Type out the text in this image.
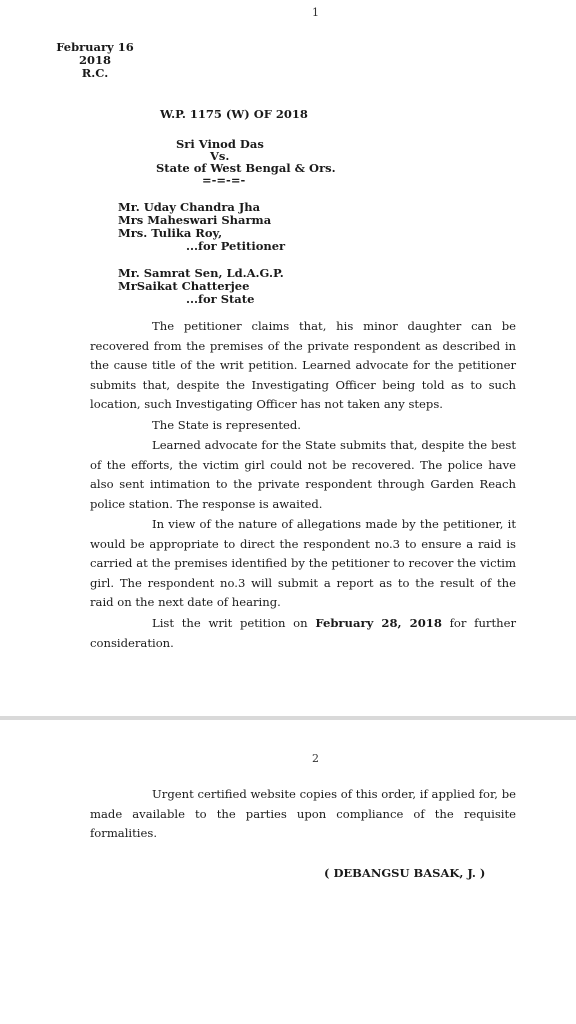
1
February 16
2018
R.C.
W.P. 1175 (W) OF 2018
Sri Vinod Das
Vs.
State of West Bengal & Ors.
=-=-=-
Mr. Uday Chandra Jha
Mrs Maheswari Sharma
Mrs. Tulika Roy,
...for Petitioner
Mr. Samrat Sen, Ld.A.G.P.
MrSaikat Chatterjee
...for State

The petitioner claims that, his minor daughter can be recovered from the premises of the private respondent as described in the cause title of the writ petition. Learned advocate for the petitioner submits that, despite the Investigating Officer being told as to such location, such Investigating Officer has not taken any steps.

The State is represented.

Learned advocate for the State submits that, despite the best of the efforts, the victim girl could not be recovered. The police have also sent intimation to the private respondent through Garden Reach police station. The response is awaited.

In view of the nature of allegations made by the petitioner, it would be appropriate to direct the respondent no.3 to ensure a raid is carried at the premises identified by the petitioner to recover the victim girl. The respondent no.3 will submit a report as to the result of the raid on the next date of hearing.

List the writ petition on February 28, 2018 for further consideration.

2

Urgent certified website copies of this order, if applied for, be made available to the parties upon compliance of the requisite formalities.

( DEBANGSU BASAK, J. )
